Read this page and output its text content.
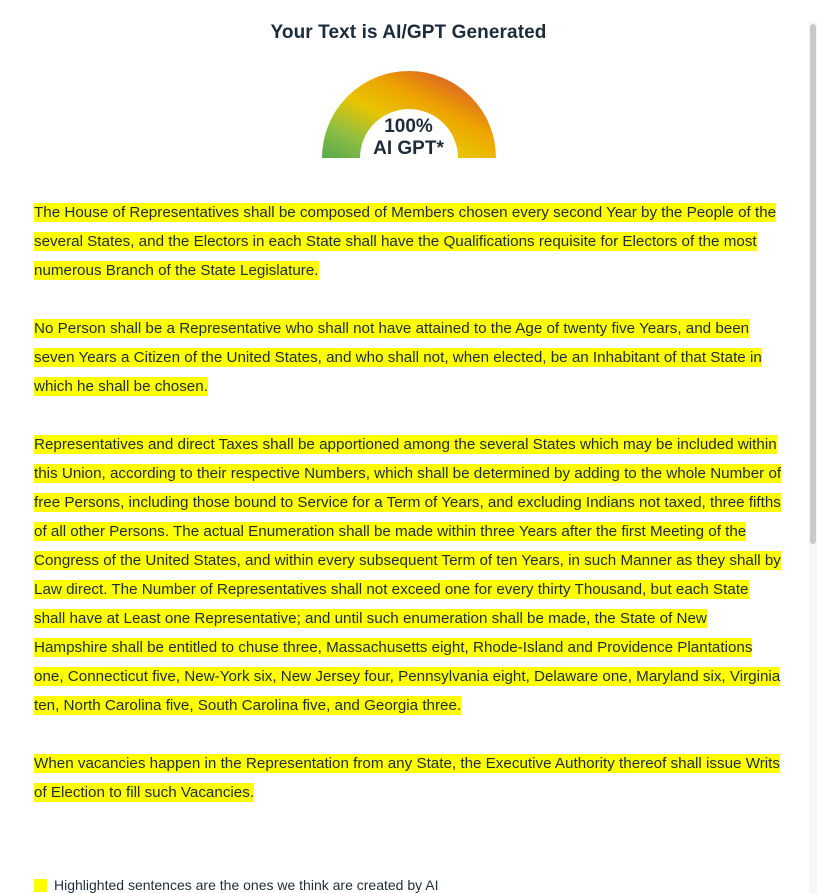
Your Text is AI/GPT Generated
100%
AI GPT*

The House of Representatives shall be composed of Members chosen every second Year by the People of the several States, and the Electors in each State shall have the Qualifications requisite for Electors of the most numerous Branch of the State Legislature.

No Person shall be a Representative who shall not have attained to the Age of twenty five Years, and been seven Years a Citizen of the United States, and who shall not, when elected, be an Inhabitant of that State in which he shall be chosen.

Representatives and direct Taxes shall be apportioned among the several States which may be included within this Union, according to their respective Numbers, which shall be determined by adding to the whole Number of free Persons, including those bound to Service for a Term of Years, and excluding Indians not taxed, three fifths of all other Persons. The actual Enumeration shall be made within three Years after the first Meeting of the Congress of the United States, and within every subsequent Term of ten Years, in such Manner as they shall by Law direct. The Number of Representatives shall not exceed one for every thirty Thousand, but each State shall have at Least one Representative; and until such enumeration shall be made, the State of New Hampshire shall be entitled to chuse three, Massachusetts eight, Rhode-Island and Providence Plantations one, Connecticut five, New-York six, New Jersey four, Pennsylvania eight, Delaware one, Maryland six, Virginia ten, North Carolina five, South Carolina five, and Georgia three.

When vacancies happen in the Representation from any State, the Executive Authority thereof shall issue Writs of Election to fill such Vacancies.

Highlighted sentences are the ones we think are created by AI
